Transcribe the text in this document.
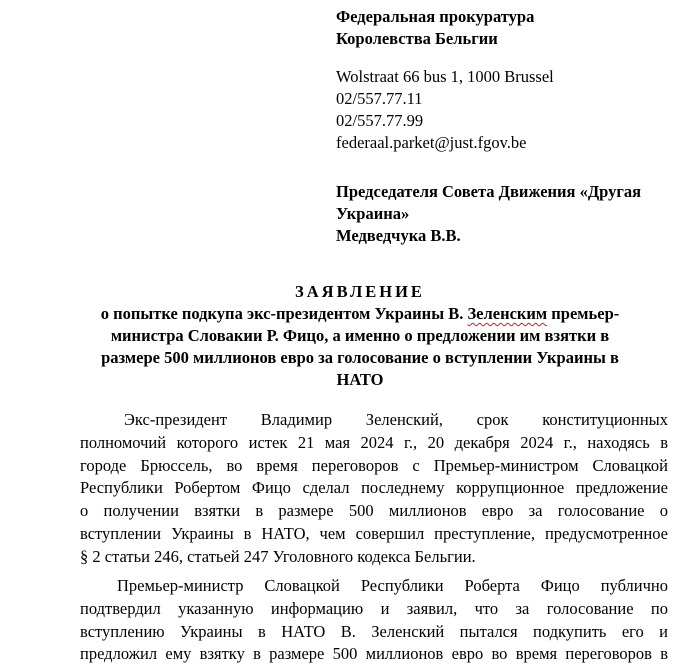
Федеральная прокуратура
Королевства Бельгии
Wolstraat 66 bus 1, 1000 Brussel
02/557.77.11
02/557.77.99
federaal.parket@just.fgov.be
Председателя Совета Движения «Другая
Украина»
Медведчука В.В.
ЗАЯВЛЕНИЕ
о попытке подкупа экс-президентом Украины В. Зеленским премьер-
министра Словакии Р. Фицо, а именно о предложении им взятки в
размере 500 миллионов евро за голосование о вступлении Украины в
НАТО
Экс-президент Владимир Зеленский, срок конституционных
полномочий которого истек 21 мая 2024 г., 20 декабря 2024 г., находясь в
городе Брюссель, во время переговоров с Премьер-министром Словацкой
Республики Робертом Фицо сделал последнему коррупционное предложение
о получении взятки в размере 500 миллионов евро за голосование о
вступлении Украины в НАТО, чем совершил преступление, предусмотренное
§ 2 статьи 246, статьей 247 Уголовного кодекса Бельгии.
Премьер-министр Словацкой Республики Роберта Фицо публично
подтвердил указанную информацию и заявил, что за голосование по
вступлению Украины в НАТО В. Зеленский пытался подкупить его и
предложил ему взятку в размере 500 миллионов евро во время переговоров в
